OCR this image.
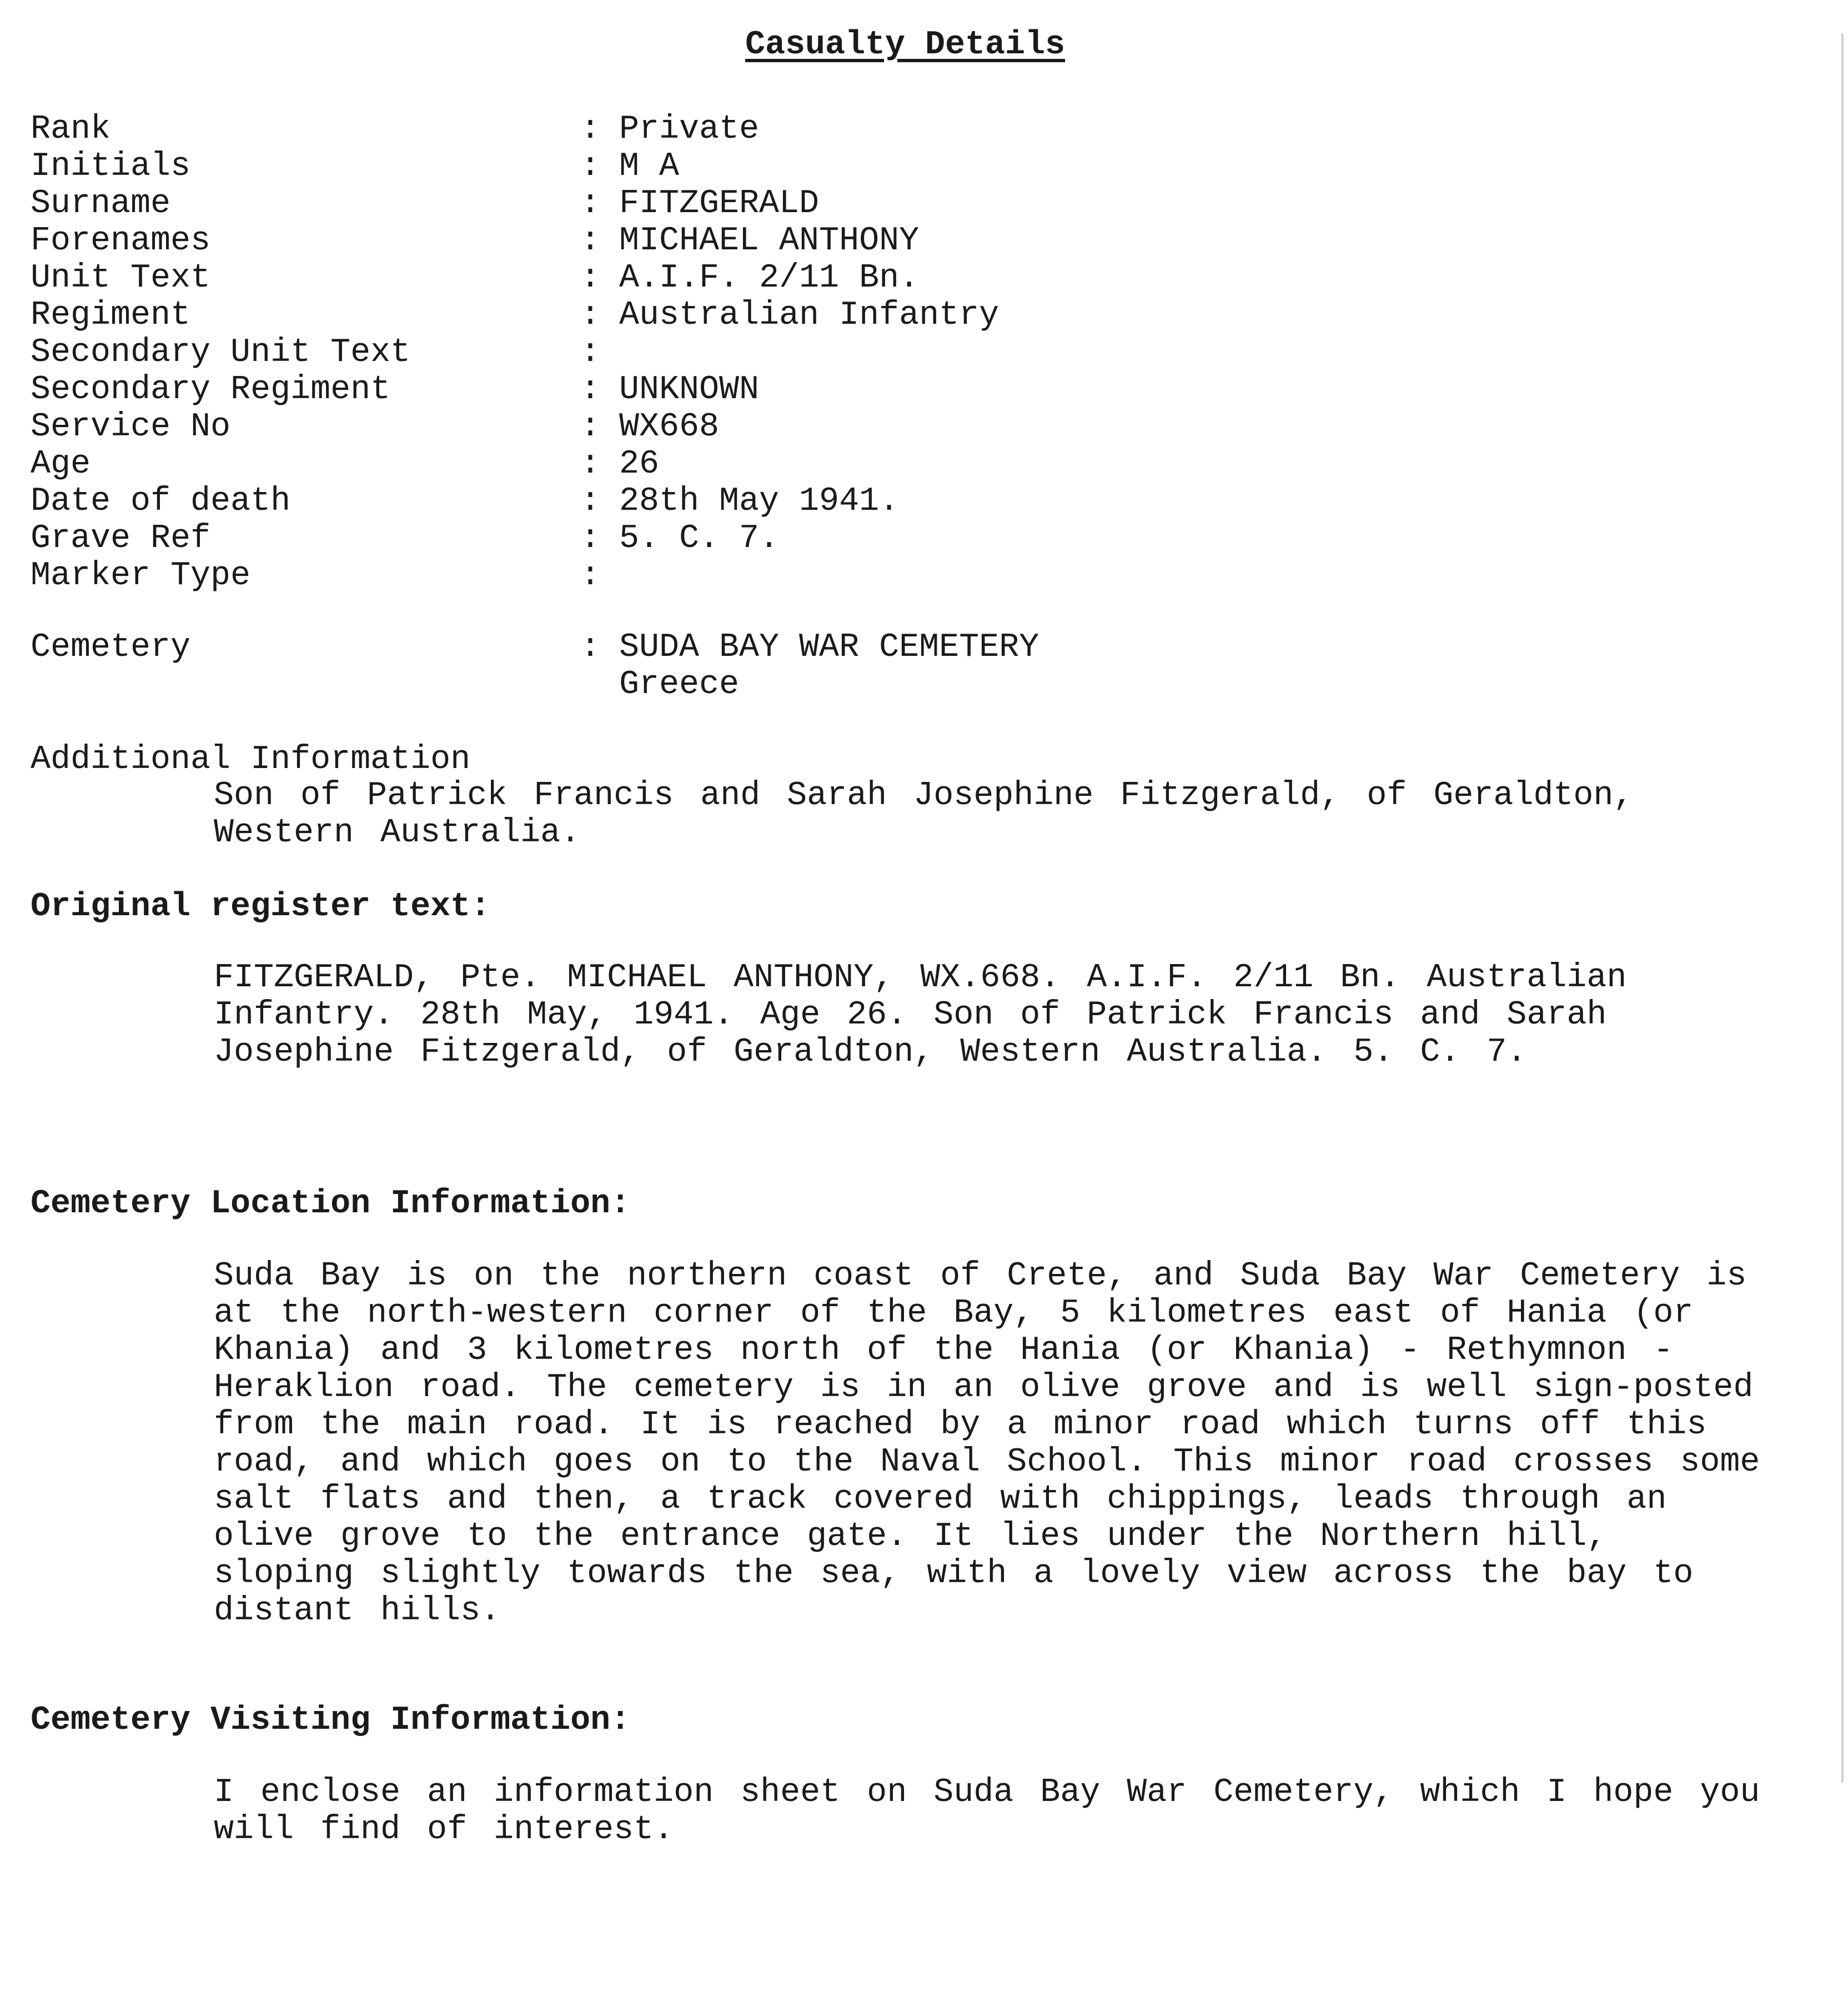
Casualty Details
Rank	: Private
Initials	: M A
Surname	: FITZGERALD
Forenames	: MICHAEL ANTHONY
Unit Text	: A.I.F. 2/11 Bn.
Regiment	: Australian Infantry
Secondary Unit Text	:
Secondary Regiment	: UNKNOWN
Service No	: WX668
Age	: 26
Date of death	: 28th May 1941.
Grave Ref	: 5. C. 7.
Marker Type	:
Cemetery	: SUDA BAY WAR CEMETERY
Greece
Additional Information
Son of Patrick Francis and Sarah Josephine Fitzgerald, of Geraldton, Western Australia.
Original register text:
FITZGERALD, Pte. MICHAEL ANTHONY, WX.668. A.I.F. 2/11 Bn. Australian Infantry. 28th May, 1941. Age 26. Son of Patrick Francis and Sarah Josephine Fitzgerald, of Geraldton, Western Australia. 5. C. 7.
Cemetery Location Information:
Suda Bay is on the northern coast of Crete, and Suda Bay War Cemetery is at the north-western corner of the Bay, 5 kilometres east of Hania (or Khania) and 3 kilometres north of the Hania (or Khania) - Rethymnon - Heraklion road. The cemetery is in an olive grove and is well sign-posted from the main road. It is reached by a minor road which turns off this road, and which goes on to the Naval School. This minor road crosses some salt flats and then, a track covered with chippings, leads through an olive grove to the entrance gate. It lies under the Northern hill, sloping slightly towards the sea, with a lovely view across the bay to distant hills.
Cemetery Visiting Information:
I enclose an information sheet on Suda Bay War Cemetery, which I hope you will find of interest.
